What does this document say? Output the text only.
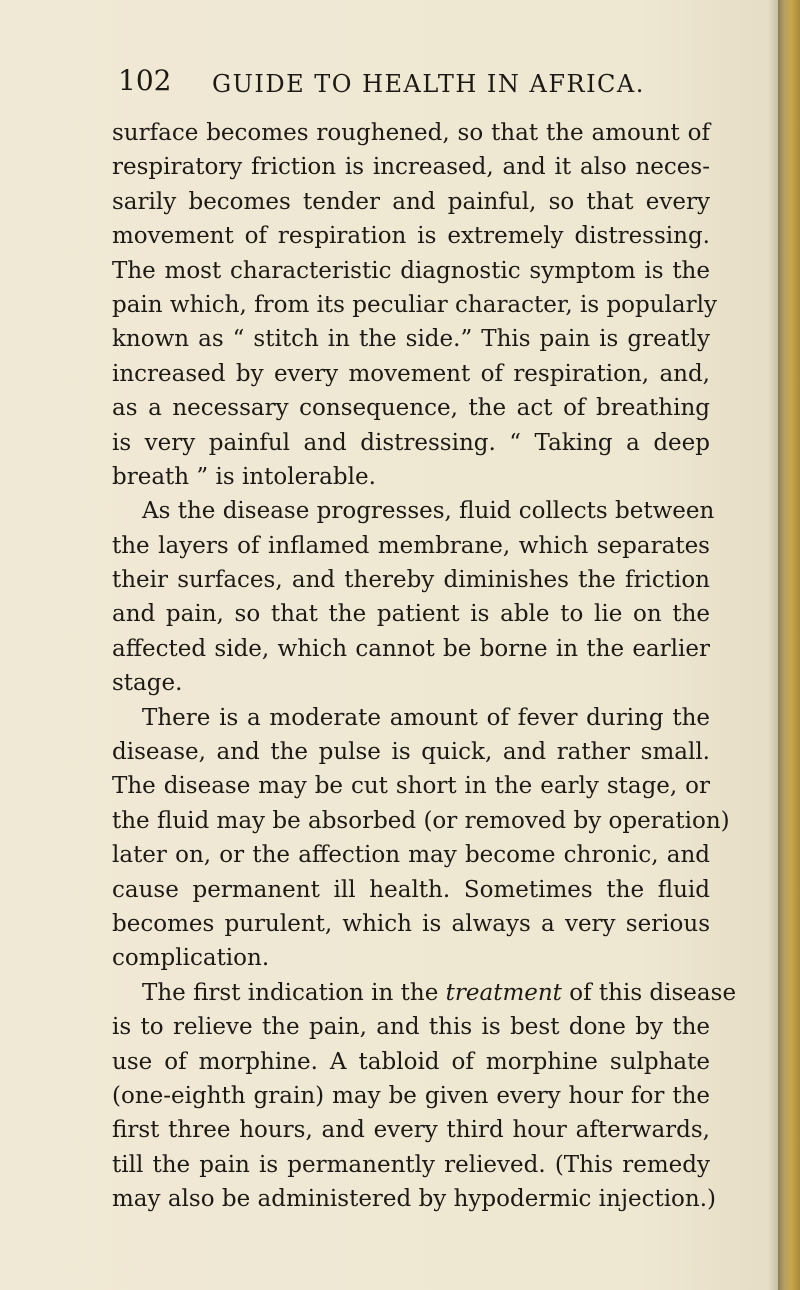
102 GUIDE TO HEALTH IN AFRICA.
surface becomes roughened, so that the amount of
respiratory friction is increased, and it also neces-
sarily becomes tender and painful, so that every
movement of respiration is extremely distressing.
The most characteristic diagnostic symptom is the
pain which, from its peculiar character, is popularly
known as “ stitch in the side.” This pain is greatly
increased by every movement of respiration, and,
as a necessary consequence, the act of breathing
is very painful and distressing. “ Taking a deep
breath ” is intolerable.
As the disease progresses, fluid collects between
the layers of inflamed membrane, which separates
their surfaces, and thereby diminishes the friction
and pain, so that the patient is able to lie on the
affected side, which cannot be borne in the earlier
stage.
There is a moderate amount of fever during the
disease, and the pulse is quick, and rather small.
The disease may be cut short in the early stage, or
the fluid may be absorbed (or removed by operation)
later on, or the affection may become chronic, and
cause permanent ill health. Sometimes the fluid
becomes purulent, which is always a very serious
complication.
The first indication in the treatment of this disease
is to relieve the pain, and this is best done by the
use of morphine. A tabloid of morphine sulphate
(one-eighth grain) may be given every hour for the
first three hours, and every third hour afterwards,
till the pain is permanently relieved. (This remedy
may also be administered by hypodermic injection.)
